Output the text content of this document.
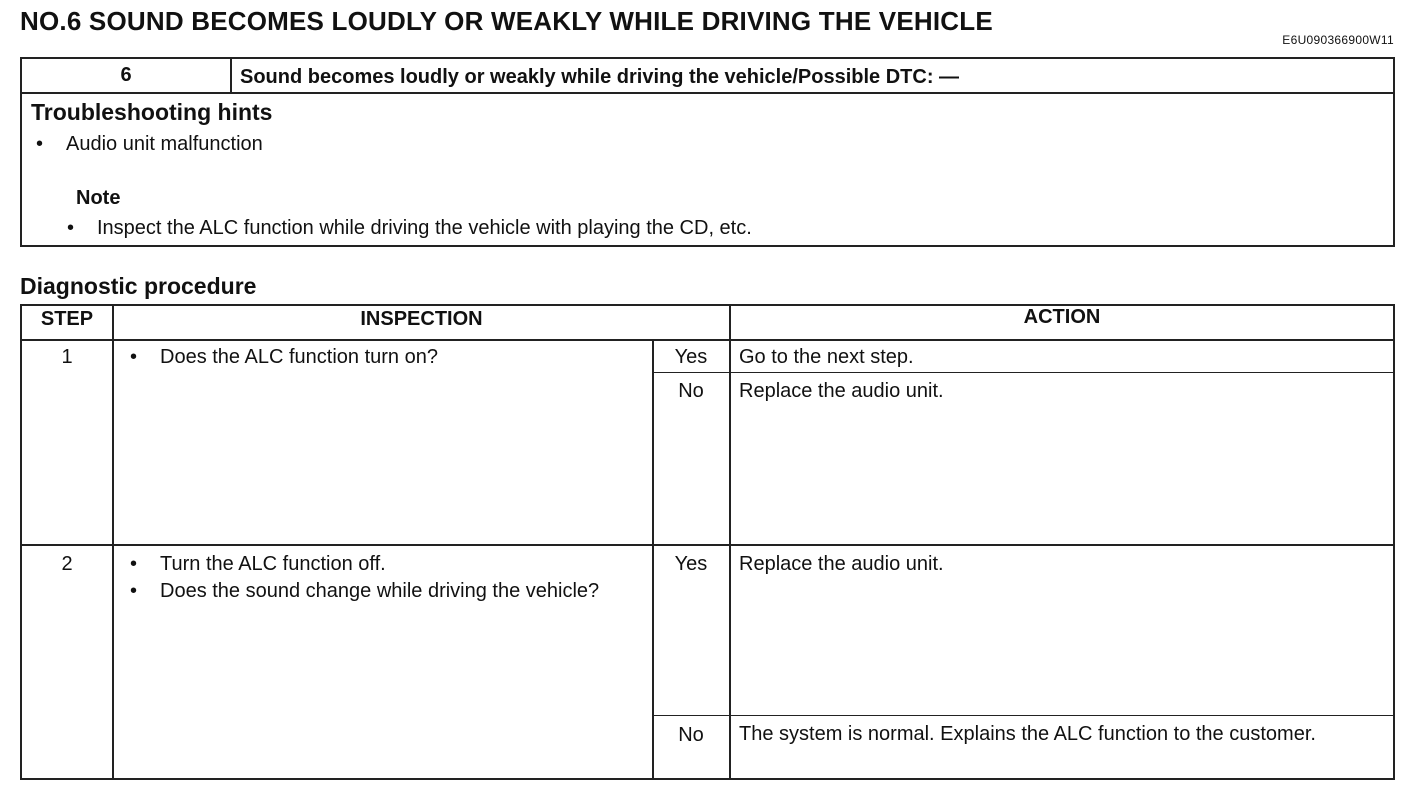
NO.6 SOUND BECOMES LOUDLY OR WEAKLY WHILE DRIVING THE VEHICLE
E6U090366900W11
6	Sound becomes loudly or weakly while driving the vehicle/Possible DTC: —
Troubleshooting hints
• Audio unit malfunction
Note
• Inspect the ALC function while driving the vehicle with playing the CD, etc.
Diagnostic procedure
STEP	INSPECTION	ACTION
1	• Does the ALC function turn on?	Yes	Go to the next step.
No	Replace the audio unit.
2	• Turn the ALC function off.
• Does the sound change while driving the vehicle?
Yes	Replace the audio unit.
No	The system is normal. Explains the ALC function to the customer.
